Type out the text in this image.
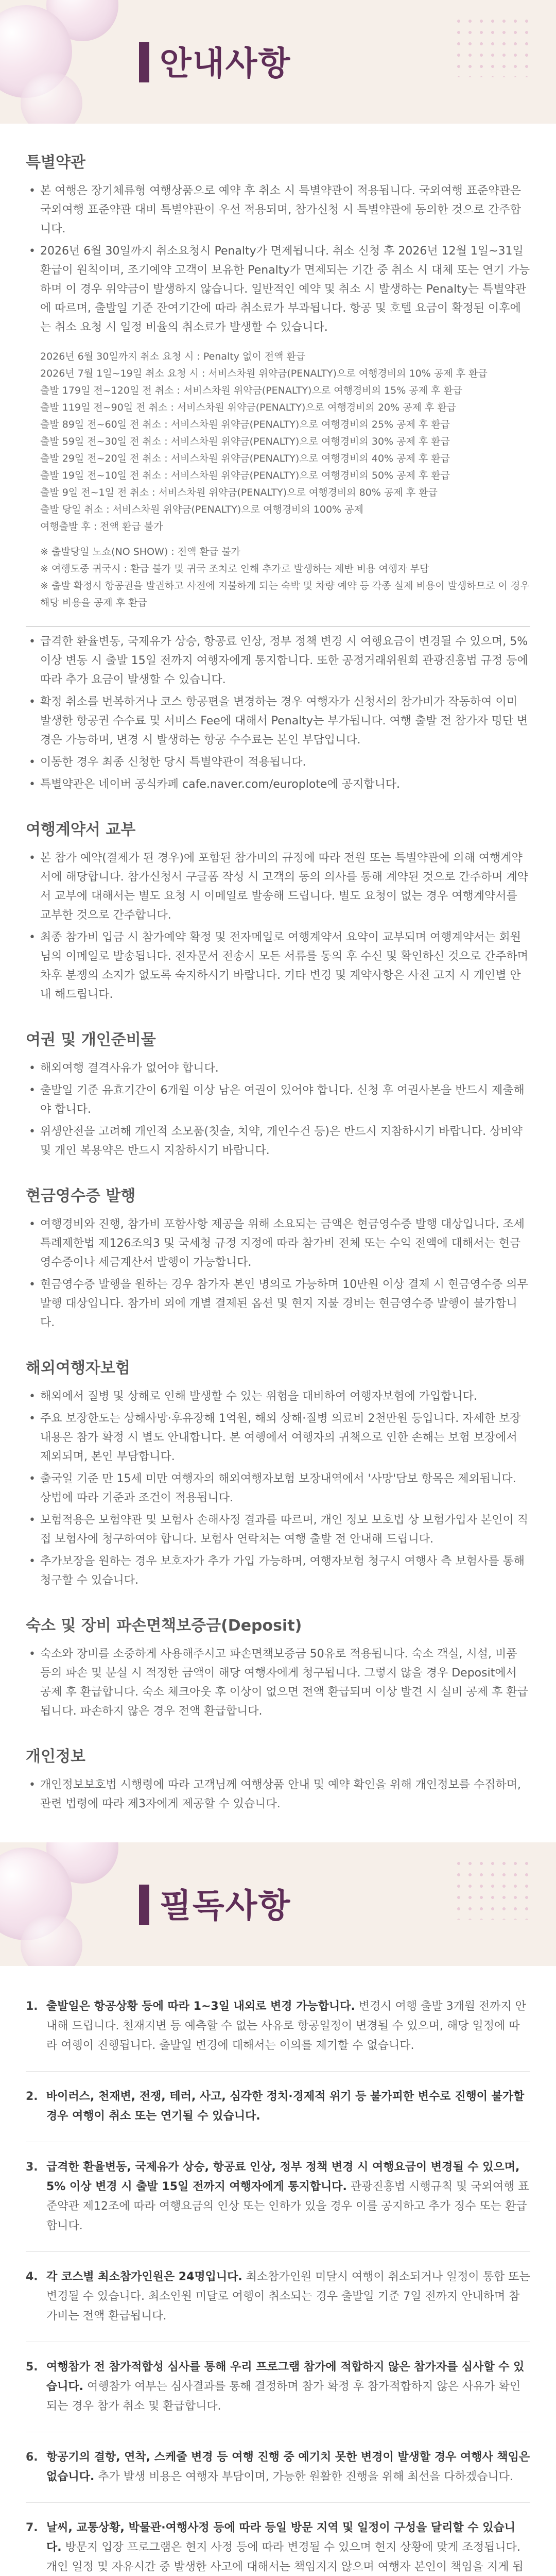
안내사항
특별약관
• 본 여행은 장기체류형 여행상품으로 예약 후 취소 시 특별약관이 적용됩니다. 국외여행 표준약관은 국외여행 표준약관 대비 특별약관이 우선 적용되며, 참가신청 시 특별약관에 동의한 것으로 간주합니다.
• 2026년 6월 30일까지 취소요청시 Penalty가 면제됩니다. 취소 신청 후 2026년 12월 1일~31일 환급이 원칙이며, 조기예약 고객이 보유한 Penalty가 면제되는 기간 중 취소 시 대체 또는 연기 가능하며 이 경우 위약금이 발생하지 않습니다. 일반적인 예약 및 취소 시 발생하는 Penalty는 특별약관에 따르며, 출발일 기준 잔여기간에 따라 취소료가 부과됩니다. 항공 및 호텔 요금이 확정된 이후에는 취소 요청 시 일정 비율의 취소료가 발생할 수 있습니다.
2026년 6월 30일까지 취소 요청 시 : Penalty 없이 전액 환급
2026년 7월 1일~19일 취소 요청 시 : 서비스차원 위약금(PENALTY)으로 여행경비의 10% 공제 후 환급
출발 179일 전~120일 전 취소 : 서비스차원 위약금(PENALTY)으로 여행경비의 15% 공제 후 환급
출발 119일 전~90일 전 취소 : 서비스차원 위약금(PENALTY)으로 여행경비의 20% 공제 후 환급
출발 89일 전~60일 전 취소 : 서비스차원 위약금(PENALTY)으로 여행경비의 25% 공제 후 환급
출발 59일 전~30일 전 취소 : 서비스차원 위약금(PENALTY)으로 여행경비의 30% 공제 후 환급
출발 29일 전~20일 전 취소 : 서비스차원 위약금(PENALTY)으로 여행경비의 40% 공제 후 환급
출발 19일 전~10일 전 취소 : 서비스차원 위약금(PENALTY)으로 여행경비의 50% 공제 후 환급
출발 9일 전~1일 전 취소 : 서비스차원 위약금(PENALTY)으로 여행경비의 80% 공제 후 환급
출발 당일 취소 : 서비스차원 위약금(PENALTY)으로 여행경비의 100% 공제
여행출발 후 : 전액 환급 불가
※ 출발당일 노쇼(NO SHOW) : 전액 환급 불가
※ 여행도중 귀국시 : 환급 불가 및 귀국 조치로 인해 추가로 발생하는 제반 비용 여행자 부담
※ 출발 확정시 항공권을 발권하고 사전에 지불하게 되는 숙박 및 차량 예약 등 각종 실제 비용이 발생하므로 이 경우 해당 비용을 공제 후 환급
• 급격한 환율변동, 국제유가 상승, 항공료 인상, 정부 정책 변경 시 여행요금이 변경될 수 있으며, 5% 이상 변동 시 출발 15일 전까지 여행자에게 통지합니다. 또한 공정거래위원회 관광진흥법 규정 등에 따라 추가 요금이 발생할 수 있습니다.
• 확정 취소를 번복하거나 코스 항공편을 변경하는 경우 여행자가 신청서의 참가비가 작동하여 이미 발생한 항공권 수수료 및 서비스 Fee에 대해서 Penalty는 부가됩니다. 여행 출발 전 참가자 명단 변경은 가능하며, 변경 시 발생하는 항공 수수료는 본인 부담입니다.
• 이동한 경우 최종 신청한 당시 특별약관이 적용됩니다.
• 특별약관은 네이버 공식카페 cafe.naver.com/europlote에 공지합니다.
여행계약서 교부
• 본 참가 예약(결제가 된 경우)에 포함된 참가비의 규정에 따라 전원 또는 특별약관에 의해 여행계약서에 해당합니다. 참가신청서 구글폼 작성 시 고객의 동의 의사를 통해 계약된 것으로 간주하며 계약서 교부에 대해서는 별도 요청 시 이메일로 발송해 드립니다. 별도 요청이 없는 경우 여행계약서를 교부한 것으로 간주합니다.
• 최종 참가비 입금 시 참가예약 확정 및 전자메일로 여행계약서 요약이 교부되며 여행계약서는 회원님의 이메일로 발송됩니다. 전자문서 전송시 모든 서류를 동의 후 수신 및 확인하신 것으로 간주하며 차후 분쟁의 소지가 없도록 숙지하시기 바랍니다. 기타 변경 및 계약사항은 사전 고지 시 개인별 안내 해드립니다.
여권 및 개인준비물
• 해외여행 결격사유가 없어야 합니다.
• 출발일 기준 유효기간이 6개월 이상 남은 여권이 있어야 합니다. 신청 후 여권사본을 반드시 제출해야 합니다.
• 위생안전을 고려해 개인적 소모품(칫솔, 치약, 개인수건 등)은 반드시 지참하시기 바랍니다. 상비약 및 개인 복용약은 반드시 지참하시기 바랍니다.
현금영수증 발행
• 여행경비와 진행, 참가비 포함사항 제공을 위해 소요되는 금액은 현금영수증 발행 대상입니다. 조세특례제한법 제126조의3 및 국세청 규정 지정에 따라 참가비 전체 또는 수익 전액에 대해서는 현금영수증이나 세금계산서 발행이 가능합니다.
• 현금영수증 발행을 원하는 경우 참가자 본인 명의로 가능하며 10만원 이상 결제 시 현금영수증 의무발행 대상입니다. 참가비 외에 개별 결제된 옵션 및 현지 지불 경비는 현금영수증 발행이 불가합니다.
해외여행자보험
• 해외에서 질병 및 상해로 인해 발생할 수 있는 위험을 대비하여 여행자보험에 가입합니다.
• 주요 보장한도는 상해사망·후유장해 1억원, 해외 상해·질병 의료비 2천만원 등입니다. 자세한 보장내용은 참가 확정 시 별도 안내합니다. 본 여행에서 여행자의 귀책으로 인한 손해는 보험 보장에서 제외되며, 본인 부담합니다.
• 출국일 기준 만 15세 미만 여행자의 해외여행자보험 보장내역에서 '사망'담보 항목은 제외됩니다. 상법에 따라 기준과 조건이 적용됩니다.
• 보험적용은 보험약관 및 보험사 손해사정 결과를 따르며, 개인 정보 보호법 상 보험가입자 본인이 직접 보험사에 청구하여야 합니다. 보험사 연락처는 여행 출발 전 안내해 드립니다.
• 추가보장을 원하는 경우 보호자가 추가 가입 가능하며, 여행자보험 청구시 여행사 측 보험사를 통해 청구할 수 있습니다.
숙소 및 장비 파손면책보증금(Deposit)
• 숙소와 장비를 소중하게 사용해주시고 파손면책보증금 50유로 적용됩니다. 숙소 객실, 시설, 비품 등의 파손 및 분실 시 적정한 금액이 해당 여행자에게 청구됩니다. 그렇지 않을 경우 Deposit에서 공제 후 환급합니다. 숙소 체크아웃 후 이상이 없으면 전액 환급되며 이상 발견 시 실비 공제 후 환급됩니다. 파손하지 않은 경우 전액 환급합니다.
개인정보
• 개인정보보호법 시행령에 따라 고객님께 여행상품 안내 및 예약 확인을 위해 개인정보를 수집하며, 관련 법령에 따라 제3자에게 제공할 수 있습니다.
필독사항
1. 출발일은 항공상황 등에 따라 1~3일 내외로 변경 가능합니다. 변경시 여행 출발 3개월 전까지 안내해 드립니다. 천재지변 등 예측할 수 없는 사유로 항공일정이 변경될 수 있으며, 해당 일정에 따라 여행이 진행됩니다. 출발일 변경에 대해서는 이의를 제기할 수 없습니다.
2. 바이러스, 천재변, 전쟁, 테러, 사고, 심각한 정치·경제적 위기 등 불가피한 변수로 진행이 불가할 경우 여행이 취소 또는 연기될 수 있습니다.
3. 급격한 환율변동, 국제유가 상승, 항공료 인상, 정부 정책 변경 시 여행요금이 변경될 수 있으며, 5% 이상 변경 시 출발 15일 전까지 여행자에게 통지합니다. 관광진흥법 시행규칙 및 국외여행 표준약관 제12조에 따라 여행요금의 인상 또는 인하가 있을 경우 이를 공지하고 추가 징수 또는 환급합니다.
4. 각 코스별 최소참가인원은 24명입니다. 최소참가인원 미달시 여행이 취소되거나 일정이 통합 또는 변경될 수 있습니다. 최소인원 미달로 여행이 취소되는 경우 출발일 기준 7일 전까지 안내하며 참가비는 전액 환급됩니다.
5. 여행참가 전 참가적합성 심사를 통해 우리 프로그램 참가에 적합하지 않은 참가자를 심사할 수 있습니다. 여행참가 여부는 심사결과를 통해 결정하며 참가 확정 후 참가적합하지 않은 사유가 확인되는 경우 참가 취소 및 환급합니다.
6. 항공기의 결항, 연착, 스케줄 변경 등 여행 진행 중 예기치 못한 변경이 발생할 경우 여행사 책임은 없습니다. 추가 발생 비용은 여행자 부담이며, 가능한 원활한 진행을 위해 최선을 다하겠습니다.
7. 날씨, 교통상황, 박물관·여행사정 등에 따라 등일 방문 지역 및 일정이 구성을 달리할 수 있습니다. 방문지 입장 프로그램은 현지 사정 등에 따라 변경될 수 있으며 현지 상황에 맞게 조정됩니다. 개인 일정 및 자유시간 중 발생한 사고에 대해서는 책임지지 않으며 여행자 본인이 책임을 지게 됩
